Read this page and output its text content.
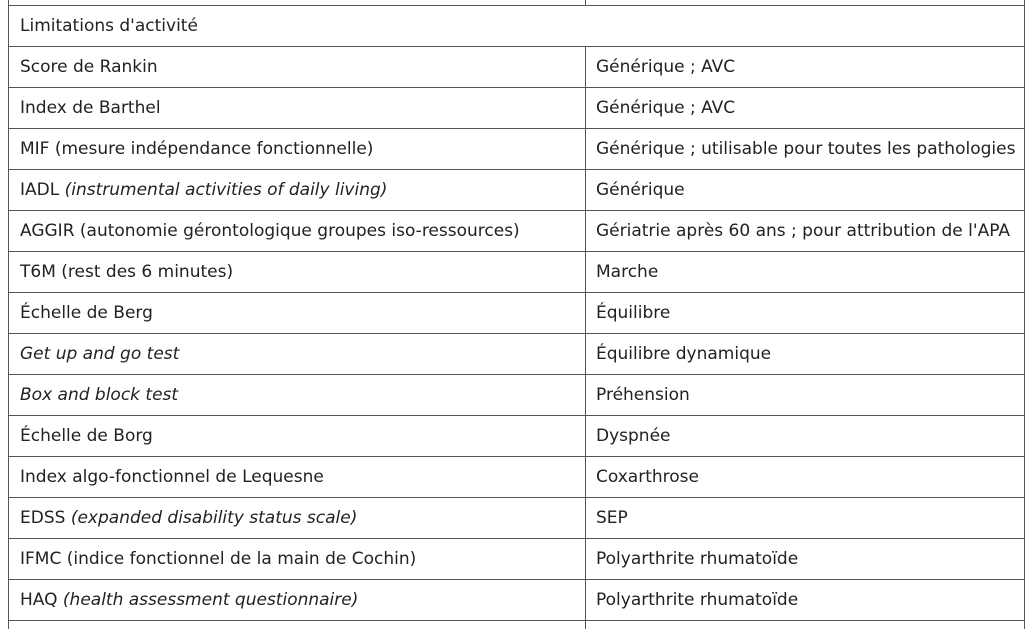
Limitations d'activité	
Score de Rankin	Générique ; AVC
Index de Barthel	Générique ; AVC
MIF (mesure indépendance fonctionnelle)	Générique ; utilisable pour toutes les pathologies
IADL (instrumental activities of daily living)	Générique
AGGIR (autonomie gérontologique groupes iso-ressources)	Gériatrie après 60 ans ; pour attribution de l'APA
T6M (rest des 6 minutes)	Marche
Échelle de Berg	Équilibre
Get up and go test	Équilibre dynamique
Box and block test	Préhension
Échelle de Borg	Dyspnée
Index algo-fonctionnel de Lequesne	Coxarthrose
EDSS (expanded disability status scale)	SEP
IFMC (indice fonctionnel de la main de Cochin)	Polyarthrite rhumatoïde
HAQ (health assessment questionnaire)	Polyarthrite rhumatoïde
